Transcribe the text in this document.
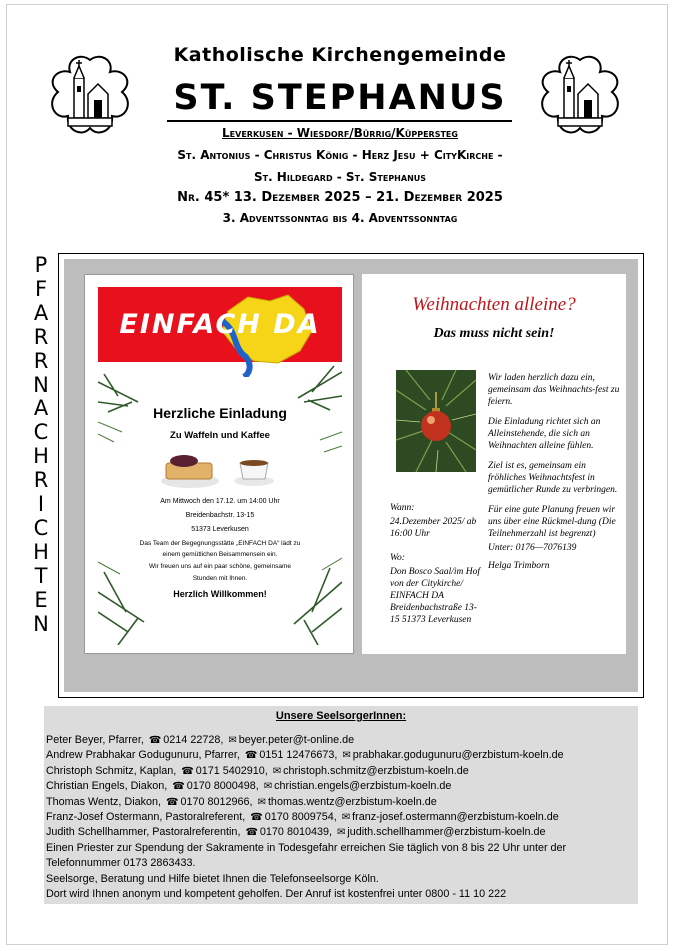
Katholische Kirchengemeinde
ST. STEPHANUS
Leverkusen - Wiesdorf/Bürrig/Küppersteg
St. Antonius - Christus König - Herz Jesu + CityKirche -
St. Hildegard - St. Stephanus
Nr. 45* 13. Dezember 2025 – 21. Dezember 2025
3. Adventssonntag bis 4. Adventssonntag
P
F
A
R
R
N
A
C
H
R
I
C
H
T
E
N
EINFACH DA
Herzliche Einladung
Zu Waffeln und Kaffee
Am Mittwoch den 17.12. um 14:00 Uhr
Breidenbachstr. 13-15
51373 Leverkusen
Das Team der Begegnungsstätte „EINFACH DA“ lädt zu
einem gemütlichen Beisammensein ein.
Wir freuen uns auf ein paar schöne, gemeinsame
Stunden mit Ihnen.
Herzlich Willkommen!
Weihnachten alleine?
Das muss nicht sein!

Wir laden herzlich dazu ein, gemeinsam das Weihnachts-fest zu feiern.

Die Einladung richtet sich an Alleinstehende, die sich an Weihnachten alleine fühlen.

Ziel ist es, gemeinsam ein fröhliches Weihnachtsfest in gemütlicher Runde zu verbringen.

Für eine gute Planung freuen wir uns über eine Rückmel-dung (Die Teilnehmerzahl ist begrenzt)

Unter: 0176—7076139

Helga Trimborn

Wann:

24.Dezember 2025/ ab 16:00 Uhr

Wo:

Don Bosco Saal/im Hof von der Citykirche/ EINFACH DA Breidenbachstraße 13-15 51373 Leverkusen

Unsere SeelsorgerInnen:
Peter Beyer, Pfarrer, ☎ 0214 22728, ✉ beyer.peter@t-online.de
Andrew Prabhakar Godugunuru, Pfarrer, ☎ 0151 12476673, ✉ prabhakar.godugunuru@erzbistum-koeln.de
Christoph Schmitz, Kaplan, ☎ 0171 5402910, ✉ christoph.schmitz@erzbistum-koeln.de
Christian Engels, Diakon, ☎ 0170 8000498, ✉ christian.engels@erzbistum-koeln.de
Thomas Wentz, Diakon, ☎ 0170 8012966, ✉ thomas.wentz@erzbistum-koeln.de
Franz-Josef Ostermann, Pastoralreferent, ☎ 0170 8009754, ✉ franz-josef.ostermann@erzbistum-koeln.de
Judith Schellhammer, Pastoralreferentin, ☎ 0170 8010439, ✉ judith.schellhammer@erzbistum-koeln.de
Einen Priester zur Spendung der Sakramente in Todesgefahr erreichen Sie täglich von 8 bis 22 Uhr unter der
Telefonnummer 0173 2863433.
Seelsorge, Beratung und Hilfe bietet Ihnen die Telefonseelsorge Köln.
Dort wird Ihnen anonym und kompetent geholfen. Der Anruf ist kostenfrei unter 0800 - 11 10 222
